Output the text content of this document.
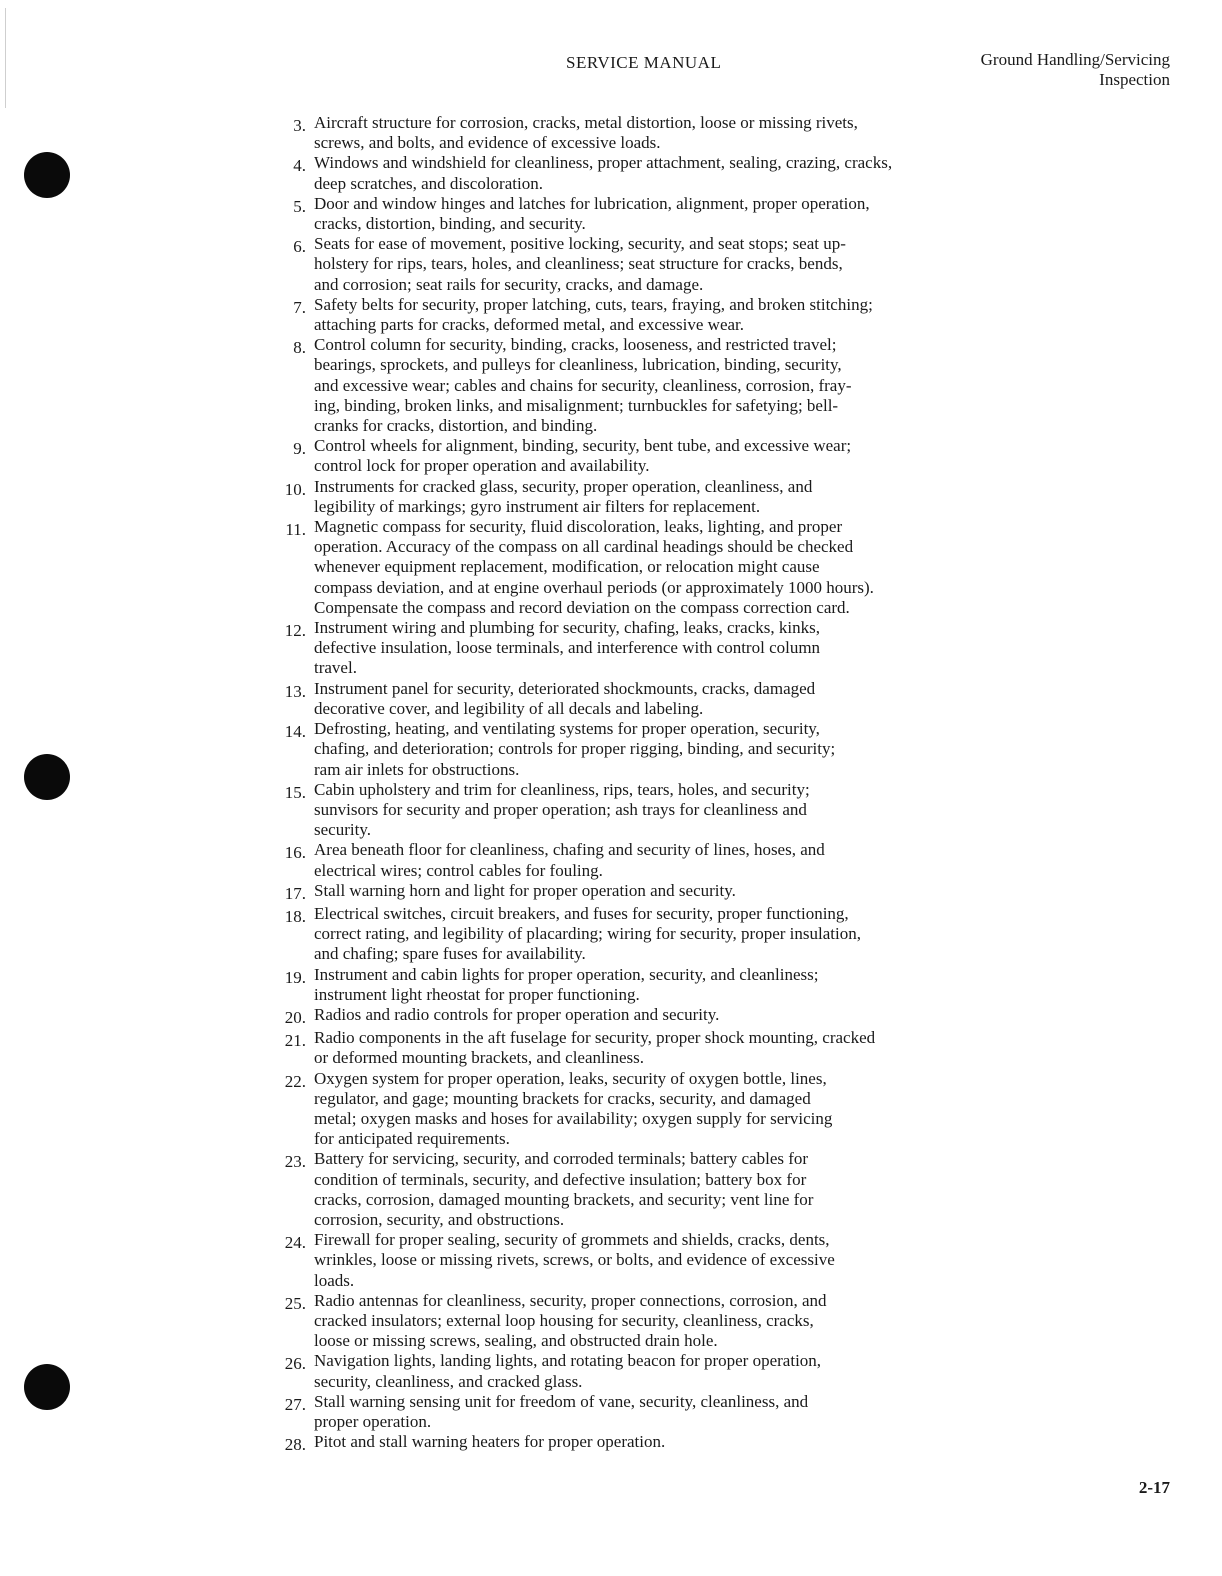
SERVICE MANUAL	Ground Handling/Servicing
Inspection
3. Aircraft structure for corrosion, cracks, metal distortion, loose or missing rivets,
screws, and bolts, and evidence of excessive loads.
4. Windows and windshield for cleanliness, proper attachment, sealing, crazing, cracks,
deep scratches, and discoloration.
5. Door and window hinges and latches for lubrication, alignment, proper operation,
cracks, distortion, binding, and security.
6. Seats for ease of movement, positive locking, security, and seat stops; seat up-
holstery for rips, tears, holes, and cleanliness; seat structure for cracks, bends,
and corrosion; seat rails for security, cracks, and damage.
7. Safety belts for security, proper latching, cuts, tears, fraying, and broken stitching;
attaching parts for cracks, deformed metal, and excessive wear.
8. Control column for security, binding, cracks, looseness, and restricted travel;
bearings, sprockets, and pulleys for cleanliness, lubrication, binding, security,
and excessive wear; cables and chains for security, cleanliness, corrosion, fray-
ing, binding, broken links, and misalignment; turnbuckles for safetying; bell-
cranks for cracks, distortion, and binding.
9. Control wheels for alignment, binding, security, bent tube, and excessive wear;
control lock for proper operation and availability.
10. Instruments for cracked glass, security, proper operation, cleanliness, and
legibility of markings; gyro instrument air filters for replacement.
11. Magnetic compass for security, fluid discoloration, leaks, lighting, and proper
operation. Accuracy of the compass on all cardinal headings should be checked
whenever equipment replacement, modification, or relocation might cause
compass deviation, and at engine overhaul periods (or approximately 1000 hours).
Compensate the compass and record deviation on the compass correction card.
12. Instrument wiring and plumbing for security, chafing, leaks, cracks, kinks,
defective insulation, loose terminals, and interference with control column
travel.
13. Instrument panel for security, deteriorated shockmounts, cracks, damaged
decorative cover, and legibility of all decals and labeling.
14. Defrosting, heating, and ventilating systems for proper operation, security,
chafing, and deterioration; controls for proper rigging, binding, and security;
ram air inlets for obstructions.
15. Cabin upholstery and trim for cleanliness, rips, tears, holes, and security;
sunvisors for security and proper operation; ash trays for cleanliness and
security.
16. Area beneath floor for cleanliness, chafing and security of lines, hoses, and
electrical wires; control cables for fouling.
17. Stall warning horn and light for proper operation and security.
18. Electrical switches, circuit breakers, and fuses for security, proper functioning,
correct rating, and legibility of placarding; wiring for security, proper insulation,
and chafing; spare fuses for availability.
19. Instrument and cabin lights for proper operation, security, and cleanliness;
instrument light rheostat for proper functioning.
20. Radios and radio controls for proper operation and security.
21. Radio components in the aft fuselage for security, proper shock mounting, cracked
or deformed mounting brackets, and cleanliness.
22. Oxygen system for proper operation, leaks, security of oxygen bottle, lines,
regulator, and gage; mounting brackets for cracks, security, and damaged
metal; oxygen masks and hoses for availability; oxygen supply for servicing
for anticipated requirements.
23. Battery for servicing, security, and corroded terminals; battery cables for
condition of terminals, security, and defective insulation; battery box for
cracks, corrosion, damaged mounting brackets, and security; vent line for
corrosion, security, and obstructions.
24. Firewall for proper sealing, security of grommets and shields, cracks, dents,
wrinkles, loose or missing rivets, screws, or bolts, and evidence of excessive
loads.
25. Radio antennas for cleanliness, security, proper connections, corrosion, and
cracked insulators; external loop housing for security, cleanliness, cracks,
loose or missing screws, sealing, and obstructed drain hole.
26. Navigation lights, landing lights, and rotating beacon for proper operation,
security, cleanliness, and cracked glass.
27. Stall warning sensing unit for freedom of vane, security, cleanliness, and
proper operation.
28. Pitot and stall warning heaters for proper operation.
2-17
